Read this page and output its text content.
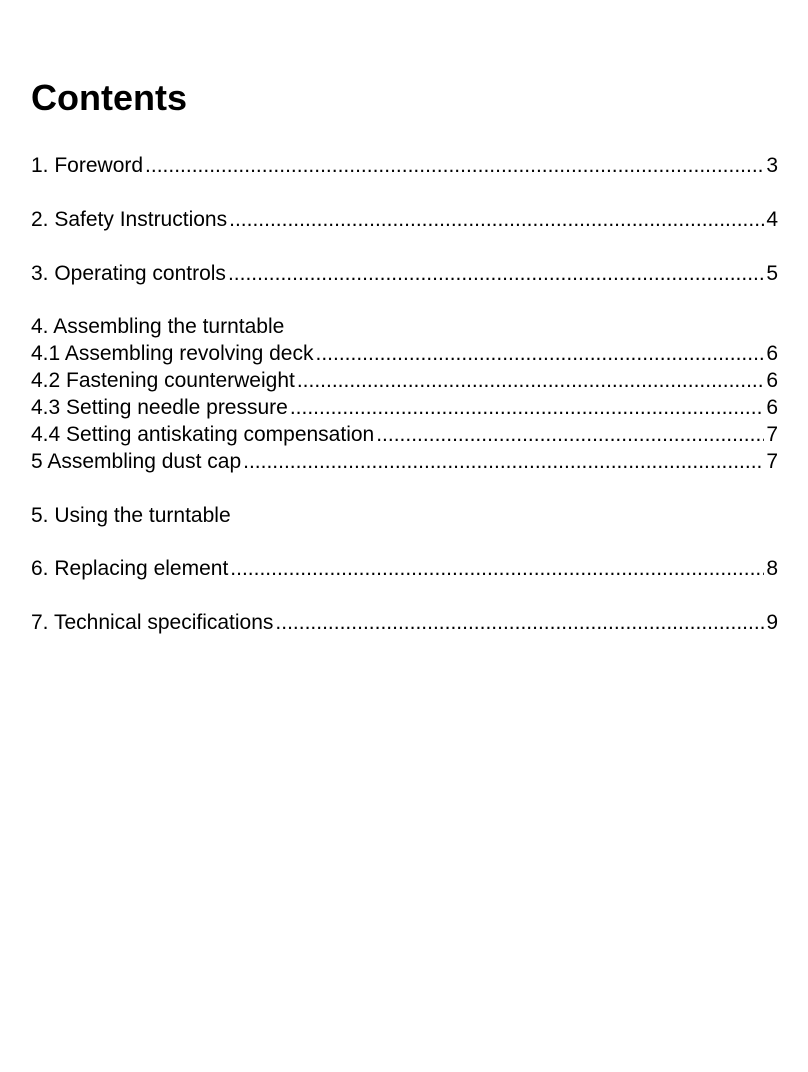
Contents
1. Foreword .....	3
2. Safety Instructions .....	4
3. Operating controls .....	5
4. Assembling the turntable
4.1 Assembling revolving deck .....	6
4.2 Fastening counterweight .....	6
4.3 Setting needle pressure .....	6
4.4 Setting antiskating compensation .....	7
5 Assembling dust cap .....	7
5. Using the turntable
6. Replacing element .....	8
7. Technical specifications .....	9
